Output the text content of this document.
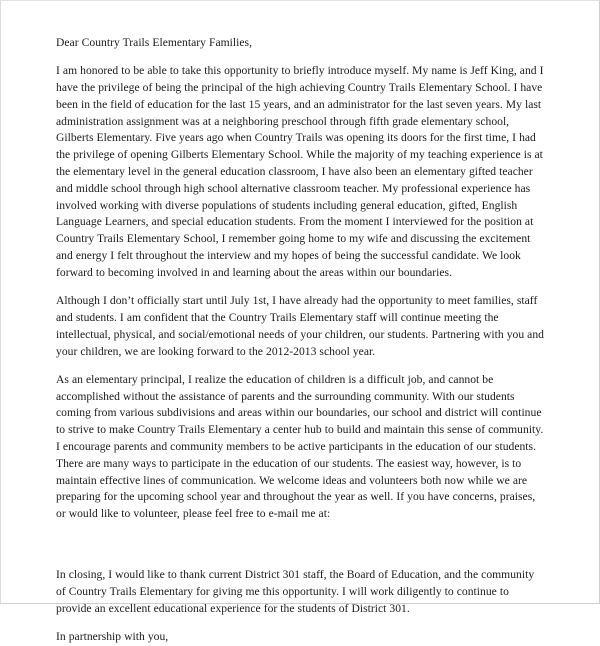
Dear Country Trails Elementary Families,

I am honored to be able to take this opportunity to briefly introduce myself. My name is Jeff King, and I have the privilege of being the principal of the high achieving Country Trails Elementary School. I have been in the field of education for the last 15 years, and an administrator for the last seven years. My last administration assignment was at a neighboring preschool through fifth grade elementary school, Gilberts Elementary. Five years ago when Country Trails was opening its doors for the first time, I had the privilege of opening Gilberts Elementary School. While the majority of my teaching experience is at the elementary level in the general education classroom, I have also been an elementary gifted teacher and middle school through high school alternative classroom teacher. My professional experience has involved working with diverse populations of students including general education, gifted, English Language Learners, and special education students. From the moment I interviewed for the position at Country Trails Elementary School, I remember going home to my wife and discussing the excitement and energy I felt throughout the interview and my hopes of being the successful candidate. We look forward to becoming involved in and learning about the areas within our boundaries.

Although I don’t officially start until July 1st, I have already had the opportunity to meet families, staff and students. I am confident that the Country Trails Elementary staff will continue meeting the intellectual, physical, and social/emotional needs of your children, our students. Partnering with you and your children, we are looking forward to the 2012-2013 school year.

As an elementary principal, I realize the education of children is a difficult job, and cannot be accomplished without the assistance of parents and the surrounding community. With our students coming from various subdivisions and areas within our boundaries, our school and district will continue to strive to make Country Trails Elementary a center hub to build and maintain this sense of community. I encourage parents and community members to be active participants in the education of our students. There are many ways to participate in the education of our students. The easiest way, however, is to maintain effective lines of communication. We welcome ideas and volunteers both now while we are preparing for the upcoming school year and throughout the year as well. If you have concerns, praises, or would like to volunteer, please feel free to e-mail me at:

In closing, I would like to thank current District 301 staff, the Board of Education, and the community of Country Trails Elementary for giving me this opportunity. I will work diligently to continue to provide an excellent educational experience for the students of District 301.

In partnership with you,
